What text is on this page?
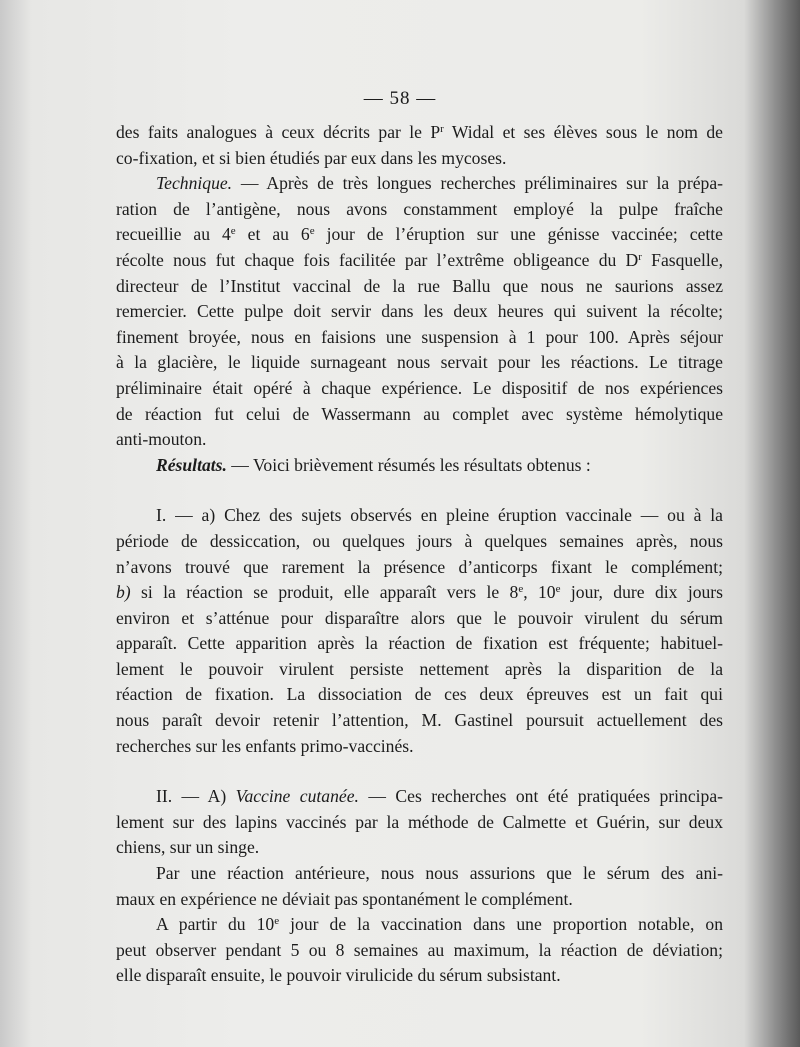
— 58 —
des faits analogues à ceux décrits par le $P^r$ Widal et ses élèves sous le nom de
co-fixation, et si bien étudiés par eux dans les mycoses.
Technique. — Après de très longues recherches préliminaires sur la prépa-
ration de l’antigène, nous avons constamment employé la pulpe fraîche
recueillie au 4e et au 6e jour de l’éruption sur une génisse vaccinée; cette
récolte nous fut chaque fois facilitée par l’extrême obligeance du $D^r$ Fasquelle,
directeur de l’Institut vaccinal de la rue Ballu que nous ne saurions assez
remercier. Cette pulpe doit servir dans les deux heures qui suivent la récolte;
finement broyée, nous en faisions une suspension à 1 pour 100. Après séjour
à la glacière, le liquide surnageant nous servait pour les réactions. Le titrage
préliminaire était opéré à chaque expérience. Le dispositif de nos expériences
de réaction fut celui de Wassermann au complet avec système hémolytique
anti-mouton.
Résultats. — Voici brièvement résumés les résultats obtenus :
I. — a) Chez des sujets observés en pleine éruption vaccinale — ou à la
période de dessiccation, ou quelques jours à quelques semaines après, nous
n’avons trouvé que rarement la présence d’anticorps fixant le complément;
b) si la réaction se produit, elle apparaît vers le 8e, 10e jour, dure dix jours
environ et s’atténue pour disparaître alors que le pouvoir virulent du sérum
apparaît. Cette apparition après la réaction de fixation est fréquente; habituel-
lement le pouvoir virulent persiste nettement après la disparition de la
réaction de fixation. La dissociation de ces deux épreuves est un fait qui
nous paraît devoir retenir l’attention, M. Gastinel poursuit actuellement des
recherches sur les enfants primo-vaccinés.
II. — A) Vaccine cutanée. — Ces recherches ont été pratiquées principa-
lement sur des lapins vaccinés par la méthode de Calmette et Guérin, sur deux
chiens, sur un singe.
Par une réaction antérieure, nous nous assurions que le sérum des ani-
maux en expérience ne déviait pas spontanément le complément.
A partir du 10e jour de la vaccination dans une proportion notable, on
peut observer pendant 5 ou 8 semaines au maximum, la réaction de déviation;
elle disparaît ensuite, le pouvoir virulicide du sérum subsistant.
